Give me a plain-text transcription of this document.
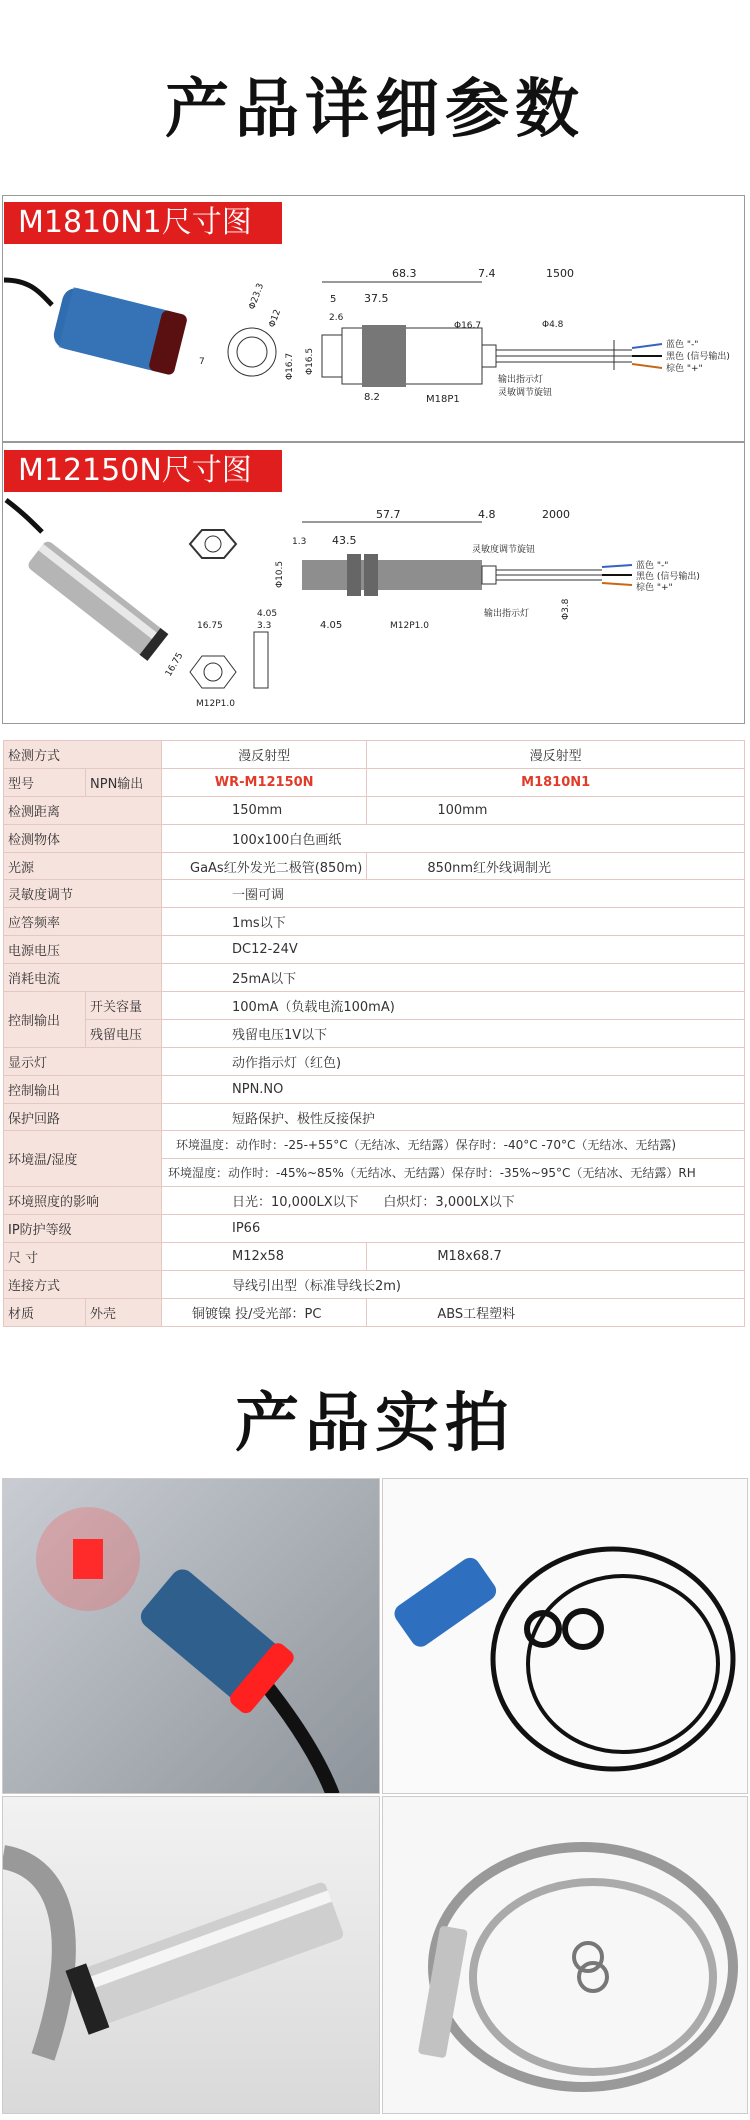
产品详细参数
M1810N1尺寸图
Φ23.3
Φ12
7
68.3	7.4	1500
5	37.5
2.6
Φ16.7	Φ4.8
Φ16.7 Φ16.5
8.2	M18P1
输出指示灯
灵敏调节旋钮
蓝色 "-"
黑色 (信号输出)
棕色 "+"
M12150N尺寸图
16.75
16.75
M12P1.0
4.05
3.3
57.7	4.8	2000
1.3 43.5
Φ10.5
Φ3.8
4.05	M12P1.0
灵敏度调节旋钮
输出指示灯
蓝色 "-"
黑色 (信号输出)
棕色 "+"
检测方式		漫反射型	漫反射型
型号	NPN输出	WR-M12150N	M1810N1
检测距离		150mm	100mm
检测物体		100x100白色画纸	
光源		GaAs红外发光二极管(850m)	850nm红外线调制光
灵敏度调节		一圈可调	
应答频率		1ms以下	
电源电压		DC12-24V	
消耗电流		25mA以下	
控制输出	开关容量	100mA（负载电流100mA)	
	残留电压	残留电压1V以下	
显示灯		动作指示灯（红色)	
控制输出		NPN.NO	
保护回路		短路保护、极性反接保护	
环境温/湿度		环境温度：动作时：-25-+55°C（无结冰、无结露）保存时：-40°C -70°C（无结冰、无结露)	
		环境湿度：动作时：-45%~85%（无结冰、无结露）保存时：-35%~95°C（无结冰、无结露）RH	
环境照度的影响		日光：10,000LX以下      白炽灯：3,000LX以下	
IP防护等级		IP66	
尺 寸		M12x58	M18x68.7
连接方式		导线引出型（标准导线长2m)	
材质	外壳	铜镀镍 投/受光部：PC	ABS工程塑料
产品实拍
